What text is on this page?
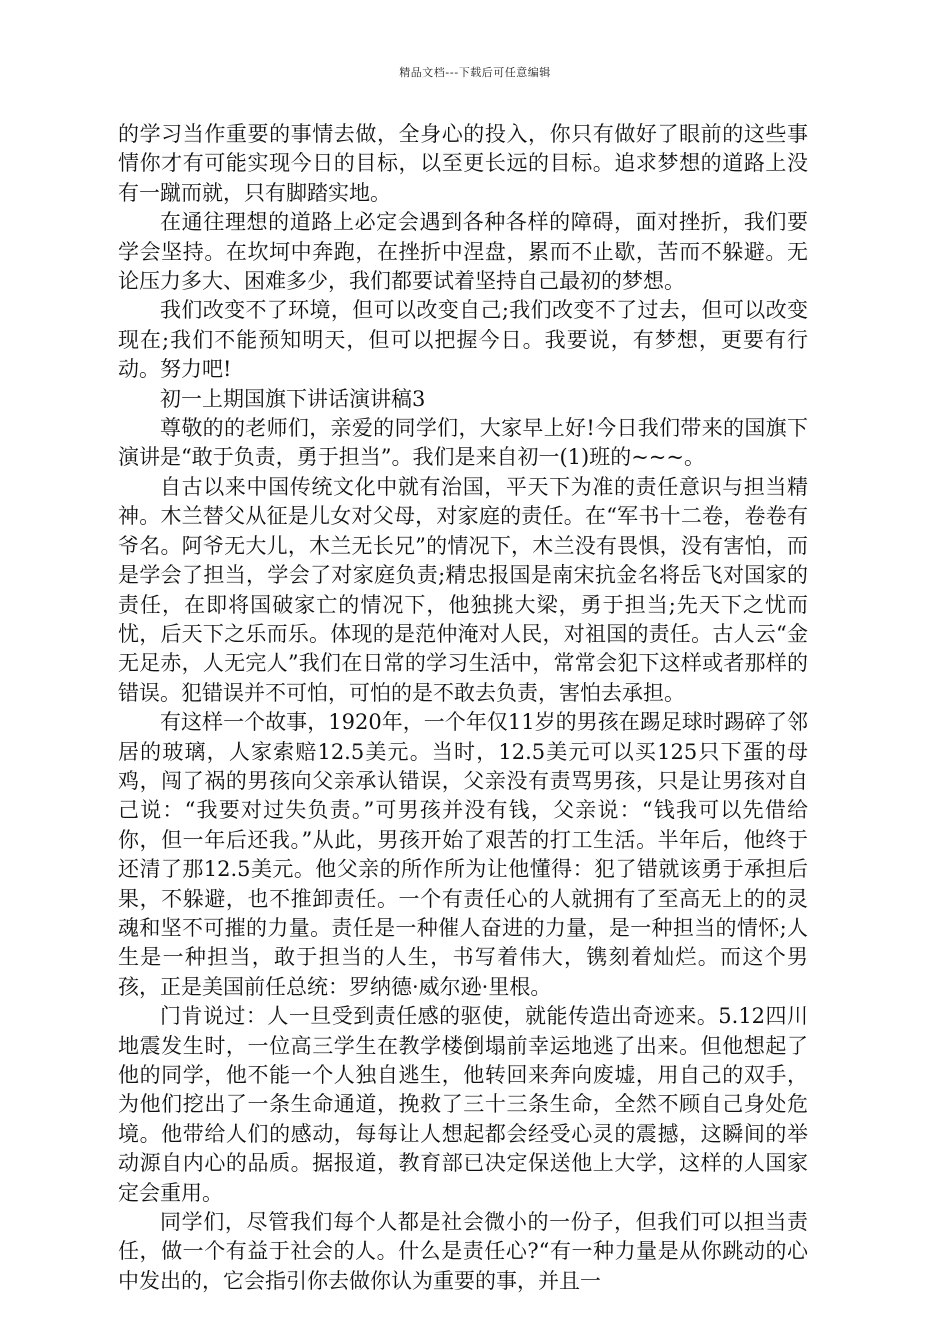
精品文档---下载后可任意编辑

的学习当作重要的事情去做，全身心的投入，你只有做好了眼前的这些事情你才有可能实现今日的目标，以至更长远的目标。追求梦想的道路上没有一蹴而就，只有脚踏实地。

在通往理想的道路上必定会遇到各种各样的障碍，面对挫折，我们要学会坚持。在坎坷中奔跑，在挫折中涅盘，累而不止歇，苦而不躲避。无论压力多大、困难多少，我们都要试着坚持自己最初的梦想。

我们改变不了环境，但可以改变自己;我们改变不了过去，但可以改变现在;我们不能预知明天，但可以把握今日。我要说，有梦想，更要有行动。努力吧!

初一上期国旗下讲话演讲稿3

尊敬的的老师们，亲爱的同学们，大家早上好!今日我们带来的国旗下演讲是“敢于负责，勇于担当”。我们是来自初一(1)班的~~~。

自古以来中国传统文化中就有治国，平天下为准的责任意识与担当精神。木兰替父从征是儿女对父母，对家庭的责任。在“军书十二卷，卷卷有爷名。阿爷无大儿，木兰无长兄”的情况下，木兰没有畏惧，没有害怕，而是学会了担当，学会了对家庭负责;精忠报国是南宋抗金名将岳飞对国家的责任，在即将国破家亡的情况下，他独挑大梁，勇于担当;先天下之忧而忧，后天下之乐而乐。体现的是范仲淹对人民，对祖国的责任。古人云“金无足赤，人无完人”我们在日常的学习生活中，常常会犯下这样或者那样的错误。犯错误并不可怕，可怕的是不敢去负责，害怕去承担。

有这样一个故事，1920年，一个年仅11岁的男孩在踢足球时踢碎了邻居的玻璃，人家索赔12.5美元。当时，12.5美元可以买125只下蛋的母鸡，闯了祸的男孩向父亲承认错误，父亲没有责骂男孩，只是让男孩对自己说：“我要对过失负责。”可男孩并没有钱，父亲说：“钱我可以先借给你，但一年后还我。”从此，男孩开始了艰苦的打工生活。半年后，他终于还清了那12.5美元。他父亲的所作所为让他懂得：犯了错就该勇于承担后果，不躲避，也不推卸责任。一个有责任心的人就拥有了至高无上的的灵魂和坚不可摧的力量。责任是一种催人奋进的力量，是一种担当的情怀;人生是一种担当，敢于担当的人生，书写着伟大，镌刻着灿烂。而这个男孩，正是美国前任总统：罗纳德·威尔逊·里根。

门肯说过：人一旦受到责任感的驱使，就能传造出奇迹来。5.12四川地震发生时，一位高三学生在教学楼倒塌前幸运地逃了出来。但他想起了他的同学，他不能一个人独自逃生，他转回来奔向废墟，用自己的双手，为他们挖出了一条生命通道，挽救了三十三条生命，全然不顾自己身处危境。他带给人们的感动，每每让人想起都会经受心灵的震撼，这瞬间的举动源自内心的品质。据报道，教育部已决定保送他上大学，这样的人国家定会重用。

同学们，尽管我们每个人都是社会微小的一份子，但我们可以担当责任，做一个有益于社会的人。什么是责任心?“有一种力量是从你跳动的心中发出的，它会指引你去做你认为重要的事，并且一
